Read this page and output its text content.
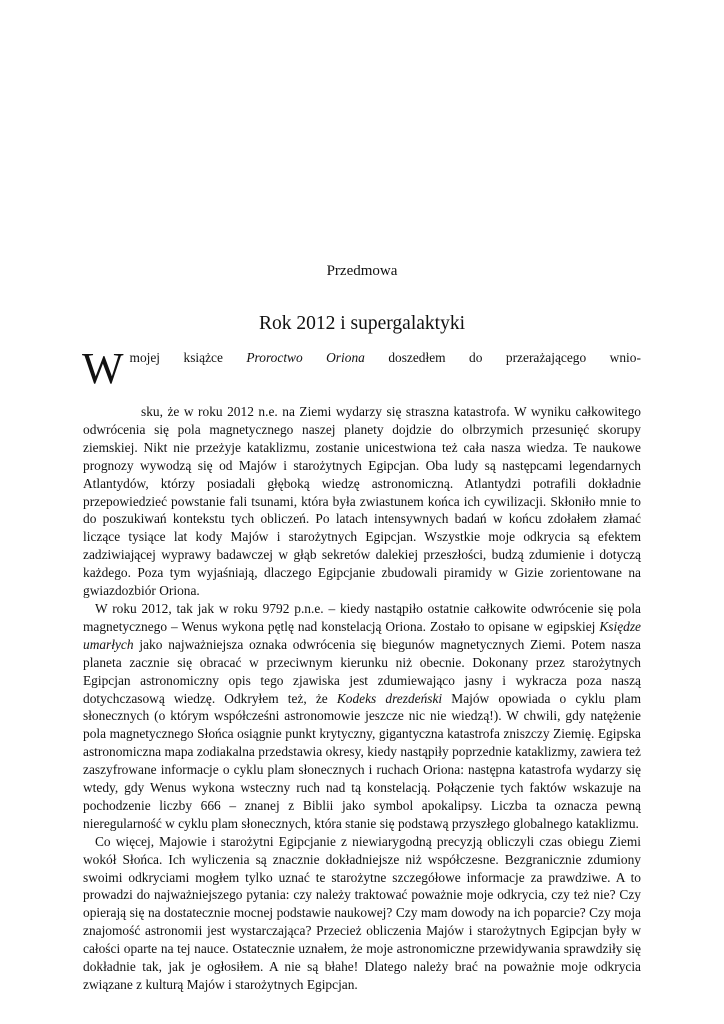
Przedmowa
Rok 2012 i supergalaktyki
W mojej książce Proroctwo Oriona doszedłem do przerażającego wnio-

sku, że w roku 2012 n.e. na Ziemi wydarzy się straszna katastrofa. W wyniku całkowitego odwrócenia się pola magnetycznego naszej planety dojdzie do olbrzymich przesunięć skorupy ziemskiej. Nikt nie przeżyje kataklizmu, zostanie unicestwiona też cała nasza wiedza. Te naukowe prognozy wywodzą się od Majów i starożytnych Egipcjan. Oba ludy są następcami legendarnych Atlantydów, którzy posiadali głęboką wiedzę astronomiczną. Atlantydzi potrafili dokładnie przepowiedzieć powstanie fali tsunami, która była zwiastunem końca ich cywilizacji. Skłoniło mnie to do poszukiwań kontekstu tych obliczeń. Po latach intensywnych badań w końcu zdołałem złamać liczące tysiące lat kody Majów i starożytnych Egipcjan. Wszystkie moje odkrycia są efektem zadziwiającej wyprawy badawczej w głąb sekretów dalekiej przeszłości, budzą zdumienie i dotyczą każdego. Poza tym wyjaśniają, dlaczego Egipcjanie zbudowali piramidy w Gizie zorientowane na gwiazdozbiór Oriona.

W roku 2012, tak jak w roku 9792 p.n.e. – kiedy nastąpiło ostatnie całkowite odwrócenie się pola magnetycznego – Wenus wykona pętlę nad konstelacją Oriona. Zostało to opisane w egipskiej Księdze umarłych jako najważniejsza oznaka odwrócenia się biegunów magnetycznych Ziemi. Potem nasza planeta zacznie się obracać w przeciwnym kierunku niż obecnie. Dokonany przez starożytnych Egipcjan astronomiczny opis tego zjawiska jest zdumiewająco jasny i wykracza poza naszą dotychczasową wiedzę. Odkryłem też, że Kodeks drezdeński Majów opowiada o cyklu plam słonecznych (o którym współcześni astronomowie jeszcze nic nie wiedzą!). W chwili, gdy natężenie pola magnetycznego Słońca osiągnie punkt krytyczny, gigantyczna katastrofa zniszczy Ziemię. Egipska astronomiczna mapa zodiakalna przedstawia okresy, kiedy nastąpiły poprzednie kataklizmy, zawiera też zaszyfrowane informacje o cyklu plam słonecznych i ruchach Oriona: następna katastrofa wydarzy się wtedy, gdy Wenus wykona wsteczny ruch nad tą konstelacją. Połączenie tych faktów wskazuje na pochodzenie liczby 666 – znanej z Biblii jako symbol apokalipsy. Liczba ta oznacza pewną nieregularność w cyklu plam słonecznych, która stanie się podstawą przyszłego globalnego kataklizmu.

Co więcej, Majowie i starożytni Egipcjanie z niewiarygodną precyzją obliczyli czas obiegu Ziemi wokół Słońca. Ich wyliczenia są znacznie dokładniejsze niż współczesne. Bezgranicznie zdumiony swoimi odkryciami mogłem tylko uznać te starożytne szczegółowe informacje za prawdziwe. A to prowadzi do najważniejszego pytania: czy należy traktować poważnie moje odkrycia, czy też nie? Czy opierają się na dostatecznie mocnej podstawie naukowej? Czy mam dowody na ich poparcie? Czy moja znajomość astronomii jest wystarczająca? Przecież obliczenia Majów i starożytnych Egipcjan były w całości oparte na tej nauce. Ostatecznie uznałem, że moje astronomiczne przewidywania sprawdziły się dokładnie tak, jak je ogłosiłem. A nie są błahe! Dlatego należy brać na poważnie moje odkrycia związane z kulturą Majów i starożytnych Egipcjan.
